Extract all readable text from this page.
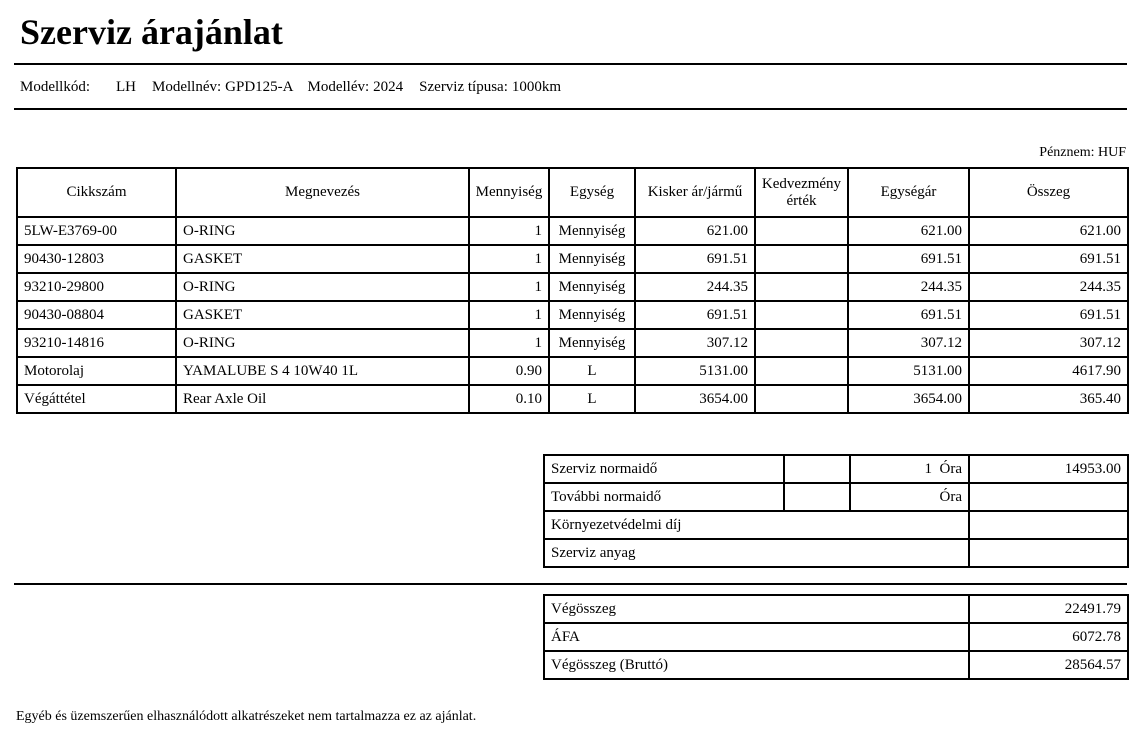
Szerviz árajánlat
Modellkód: LH Modellnév: GPD125-A Modellév: 2024 Szerviz típusa: 1000km
Pénznem: HUF
Cikkszám	Megnevezés	Mennyiség	Egység	Kisker ár/jármű	Kedvezmény érték	Egységár	Összeg
5LW-E3769-00	O-RING	1	Mennyiség	621.00		621.00	621.00
90430-12803	GASKET	1	Mennyiség	691.51		691.51	691.51
93210-29800	O-RING	1	Mennyiség	244.35		244.35	244.35
90430-08804	GASKET	1	Mennyiség	691.51		691.51	691.51
93210-14816	O-RING	1	Mennyiség	307.12		307.12	307.12
Motorolaj	YAMALUBE S 4 10W40 1L	0.90	L	5131.00		5131.00	4617.90
Végáttétel	Rear Axle Oil	0.10	L	3654.00		3654.00	365.40
Szerviz normaidő		1 Óra	14953.00
További normaidő		Óra	
Környezetvédelmi díj			
Szerviz anyag			
Végösszeg	22491.79
ÁFA	6072.78
Végösszeg (Bruttó)	28564.57
Egyéb és üzemszerűen elhasználódott alkatrészeket nem tartalmazza ez az ajánlat.
